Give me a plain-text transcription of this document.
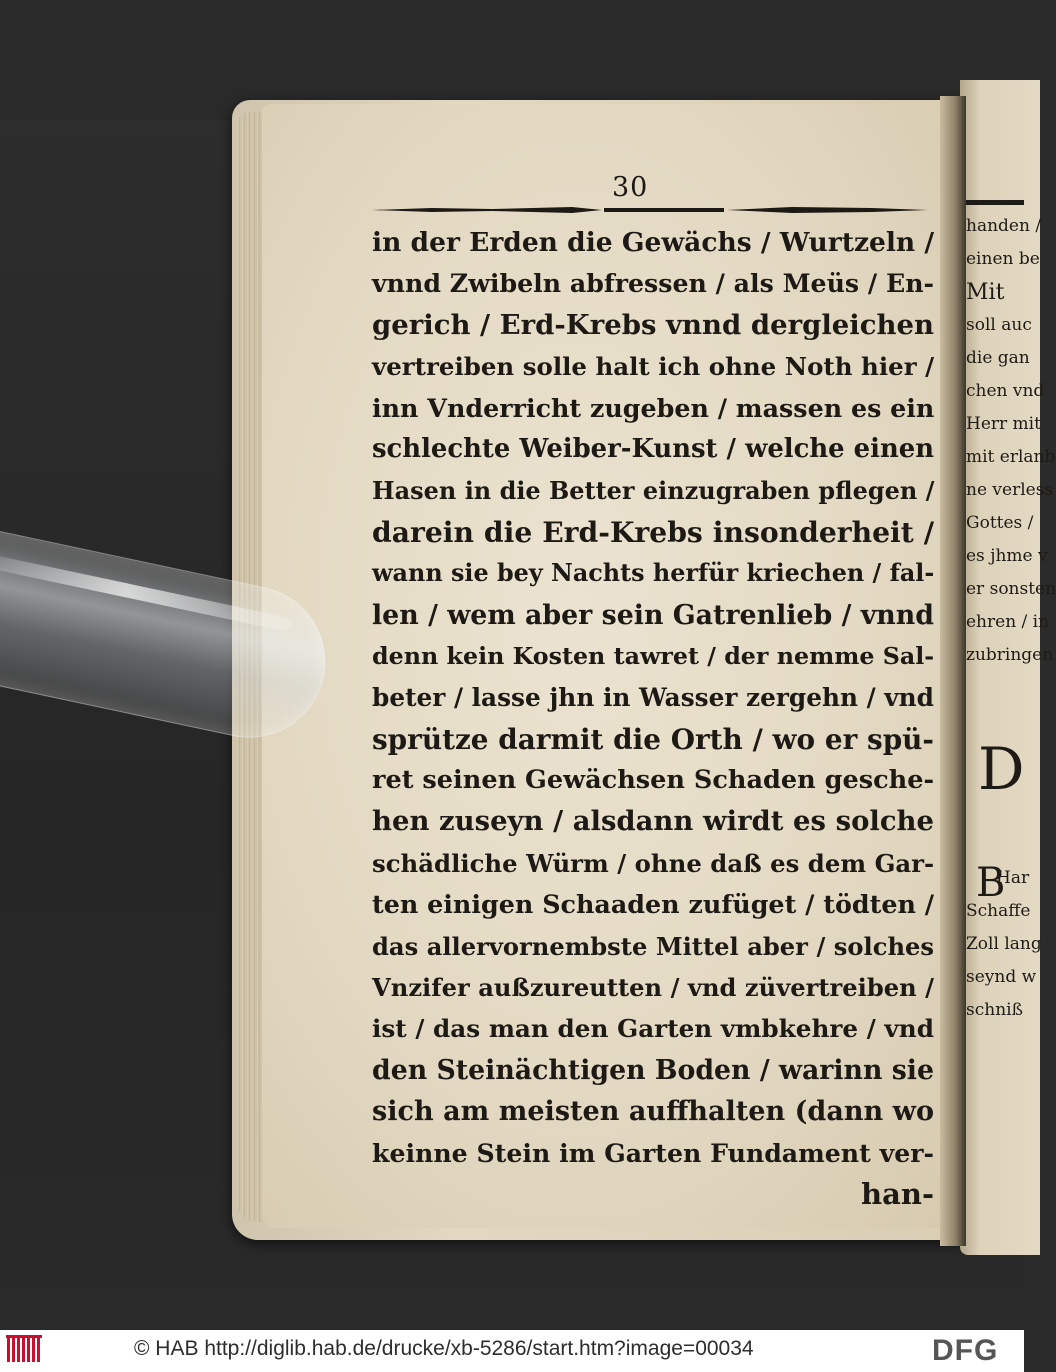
handen /
einen be
Mit
soll auc
die gan
chen vnd
Herr mit
mit erlanb
ne verless
Gottes /
es jhme v
er sonsten
ehren / in
zubringen
Har
Schaffe
Zoll lang
seynd w
schniß
D
B
30
in der Erden die Gewächs / Wurtzeln /
vnnd Zwibeln abfressen / als Meüs / En-
gerich / Erd-Krebs vnnd dergleichen
vertreiben solle halt ich ohne Noth hier /
inn Vnderricht zugeben / massen es ein
schlechte Weiber-Kunst / welche einen
Hasen in die Better einzugraben pflegen /
darein die Erd-Krebs insonderheit /
wann sie bey Nachts herfür kriechen / fal-
len / wem aber sein Gatrenlieb / vnnd
denn kein Kosten tawret / der nemme Sal-
beter / lasse jhn in Wasser zergehn / vnd
sprütze darmit die Orth / wo er spü-
ret seinen Gewächsen Schaden gesche-
hen zuseyn / alsdann wirdt es solche
schädliche Würm / ohne daß es dem Gar-
ten einigen Schaaden zufüget / tödten /
das allervornembste Mittel aber / solches
Vnzifer außzureutten / vnd züvertreiben /
ist / das man den Garten vmbkehre / vnd
den Steinächtigen Boden / warinn sie
sich am meisten auffhalten (dann wo
keinne Stein im Garten Fundament ver-
han-
© HAB http://diglib.hab.de/drucke/xb-5286/start.htm?image=00034	DFG
